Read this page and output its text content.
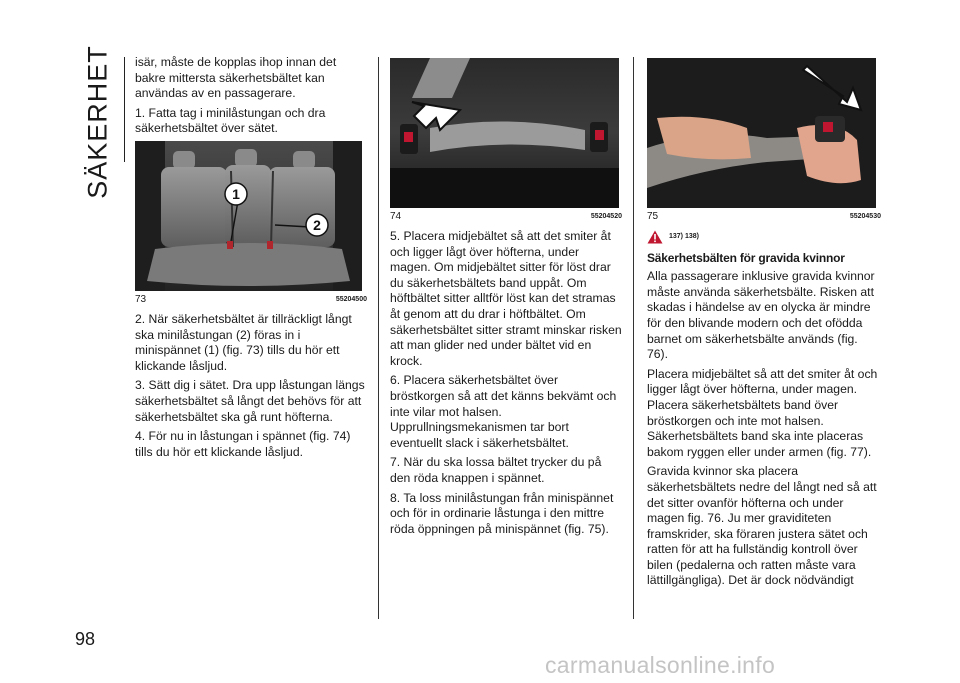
SÄKERHET isär, måste de kopplas ihop innan det bakre mittersta säkerhetsbältet kan användas av en passagerare.

1. Fatta tag i minilåstungan och dra säkerhetsbältet över sätet.

1
2
73	55204500

2. När säkerhetsbältet är tillräckligt långt ska minilåstungan (2) föras in i minispännet (1) (fig. 73) tills du hör ett klickande låsljud.

3. Sätt dig i sätet. Dra upp låstungan längs säkerhetsbältet så långt det behövs för att säkerhetsbältet ska gå runt höfterna.

4. För nu in låstungan i spännet (fig. 74) tills du hör ett klickande låsljud.

74	55204520

5. Placera midjebältet så att det smiter åt och ligger lågt över höfterna, under magen. Om midjebältet sitter för löst drar du säkerhetsbältets band uppåt. Om höftbältet sitter alltför löst kan det stramas åt genom att du drar i höftbältet. Om säkerhetsbältet sitter stramt minskar risken att man glider ned under bältet vid en krock.

6. Placera säkerhetsbältet över bröstkorgen så att det känns bekvämt och inte vilar mot halsen. Upprullningsmekanismen tar bort eventuellt slack i säkerhetsbältet.

7. När du ska lossa bältet trycker du på den röda knappen i spännet.

8. Ta loss minilåstungan från minispännet och för in ordinarie låstunga i den mittre röda öppningen på minispännet (fig. 75).

75	55204530
137) 138)
Säkerhetsbälten för gravida kvinnor

Alla passagerare inklusive gravida kvinnor måste använda säkerhetsbälte. Risken att skadas i händelse av en olycka är mindre för den blivande modern och det ofödda barnet om säkerhetsbälte används (fig. 76).

Placera midjebältet så att det smiter åt och ligger lågt över höfterna, under magen. Placera säkerhetsbältets band över bröstkorgen och inte mot halsen. Säkerhetsbältets band ska inte placeras bakom ryggen eller under armen (fig. 77).

Gravida kvinnor ska placera säkerhetsbältets nedre del långt ned så att det sitter ovanför höfterna och under magen fig. 76. Ju mer graviditeten framskrider, ska föraren justera sätet och ratten för att ha fullständig kontroll över bilen (pedalerna och ratten måste vara lättillgängliga). Det är dock nödvändigt

98
carmanualsonline.info
